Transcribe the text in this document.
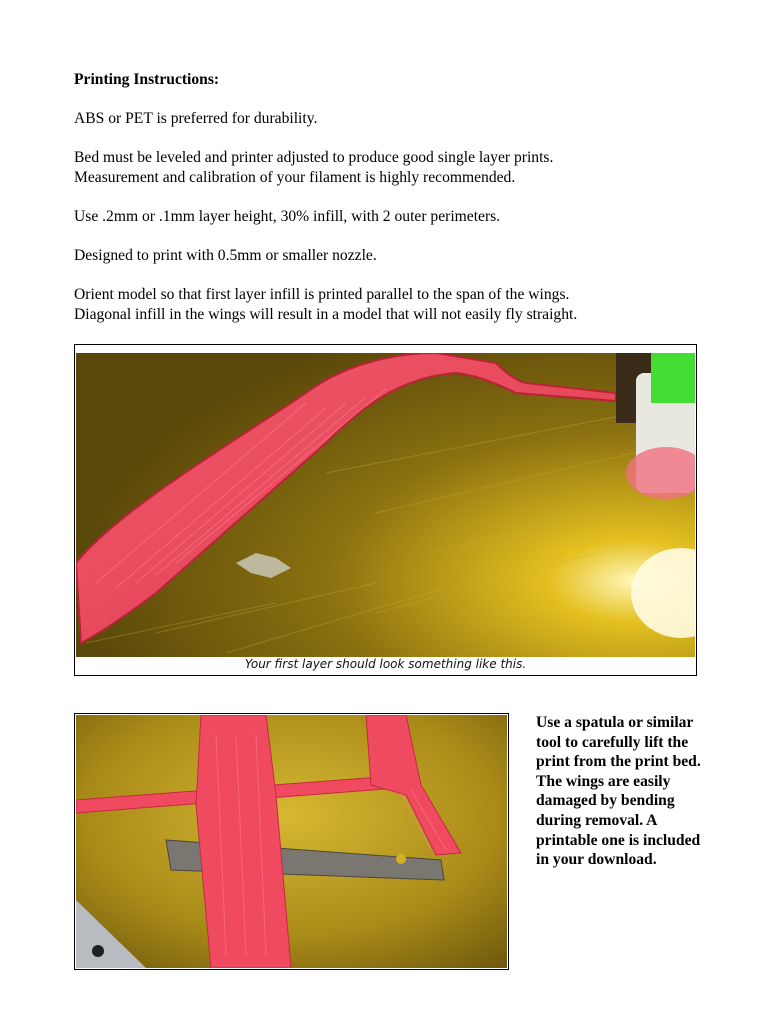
Printing Instructions:

ABS or PET is preferred for durability.

Bed must be leveled and printer adjusted to produce good single layer prints.

Measurement and calibration of your filament is highly recommended.

Use .2mm or .1mm layer height, 30% infill, with 2 outer perimeters.

Designed to print with 0.5mm or smaller nozzle.

Orient model so that first layer infill is printed parallel to the span of the wings.

Diagonal infill in the wings will result in a model that will not easily fly straight.

Your first layer should look something like this.

Use a spatula or similar tool to carefully lift the print from the print bed. The wings are easily damaged by bending during removal. A printable one is included in your download.
